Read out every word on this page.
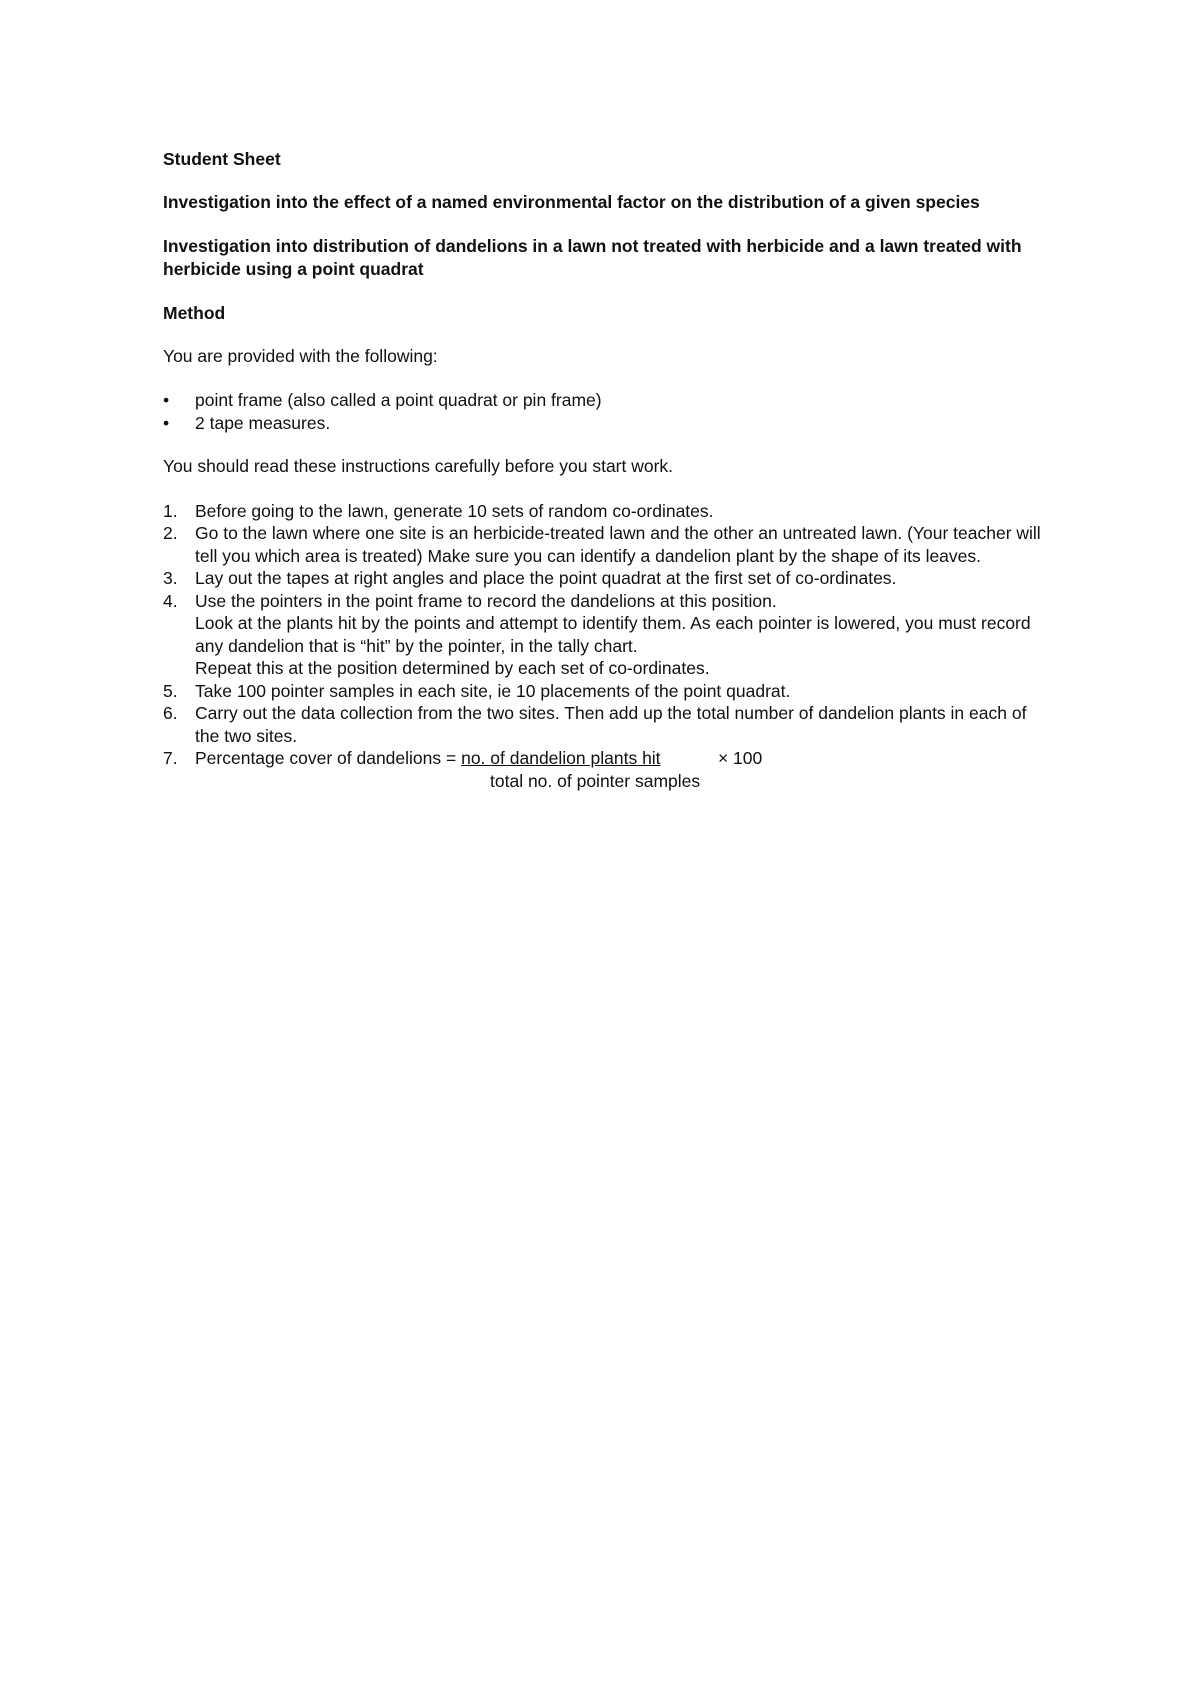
Student Sheet
Investigation into the effect of a named environmental factor on the distribution of a given species
Investigation into distribution of dandelions in a lawn not treated with herbicide and a lawn treated with herbicide using a point quadrat
Method
You are provided with the following:
• point frame (also called a point quadrat or pin frame)
• 2 tape measures.
You should read these instructions carefully before you start work.
1. Before going to the lawn, generate 10 sets of random co-ordinates.
2. Go to the lawn where one site is an herbicide-treated lawn and the other an untreated lawn. (Your teacher will tell you which area is treated) Make sure you can identify a dandelion plant by the shape of its leaves.
3. Lay out the tapes at right angles and place the point quadrat at the first set of co-ordinates.
4. Use the pointers in the point frame to record the dandelions at this position.
Look at the plants hit by the points and attempt to identify them. As each pointer is lowered, you must record any dandelion that is “hit” by the pointer, in the tally chart.
Repeat this at the position determined by each set of co-ordinates.
5. Take 100 pointer samples in each site, ie 10 placements of the point quadrat.
6. Carry out the data collection from the two sites. Then add up the total number of dandelion plants in each of the two sites.
7. Percentage cover of dandelions = no. of dandelion plants hit	× 100
total no. of pointer samples
